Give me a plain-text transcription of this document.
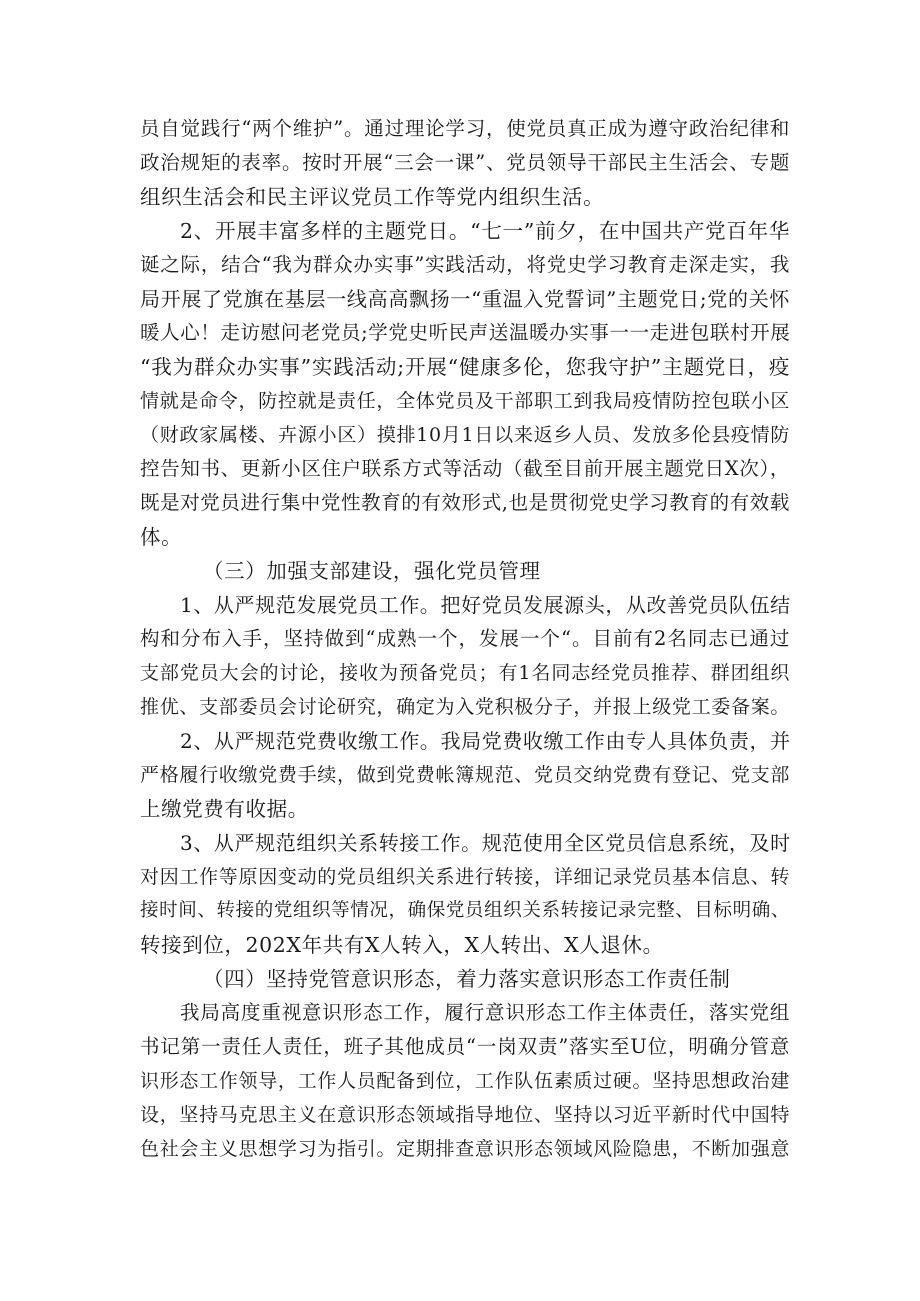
员自觉践行“两个维护”。通过理论学习，使党员真正成为遵守政治纪律和
政治规矩的表率。按时开展“三会一课”、党员领导干部民主生活会、专题
组织生活会和民主评议党员工作等党内组织生活。
2、开展丰富多样的主题党日。“七一”前夕，在中国共产党百年华
诞之际，结合“我为群众办实事”实践活动，将党史学习教育走深走实，我
局开展了党旗在基层一线高高飘扬一“重温入党誓词”主题党日;党的关怀
暖人心！走访慰问老党员;学党史听民声送温暖办实事一一走进包联村开展
“我为群众办实事”实践活动;开展“健康多伦，您我守护”主题党日，疫
情就是命令，防控就是责任，全体党员及干部职工到我局疫情防控包联小区
（财政家属楼、卉源小区）摸排10月1日以来返乡人员、发放多伦县疫情防
控告知书、更新小区住户联系方式等活动（截至目前开展主题党日X次），
既是对党员进行集中党性教育的有效形式,也是贯彻党史学习教育的有效载
体。
（三）加强支部建设，强化党员管理
1、从严规范发展党员工作。把好党员发展源头，从改善党员队伍结
构和分布入手，坚持做到“成熟一个，发展一个“。目前有2名同志已通过
支部党员大会的讨论，接收为预备党员；有1名同志经党员推荐、群团组织
推优、支部委员会讨论研究，确定为入党积极分子，并报上级党工委备案。
2、从严规范党费收缴工作。我局党费收缴工作由专人具体负责，并
严格履行收缴党费手续，做到党费帐簿规范、党员交纳党费有登记、党支部
上缴党费有收据。
3、从严规范组织关系转接工作。规范使用全区党员信息系统，及时
对因工作等原因变动的党员组织关系进行转接，详细记录党员基本信息、转
接时间、转接的党组织等情况，确保党员组织关系转接记录完整、目标明确、
转接到位，202X年共有X人转入，X人转出、X人退休。
（四）坚持党管意识形态，着力落实意识形态工作责任制
我局高度重视意识形态工作，履行意识形态工作主体责任，落实党组
书记第一责任人责任，班子其他成员“一岗双责”落实至U位，明确分管意
识形态工作领导，工作人员配备到位，工作队伍素质过硬。坚持思想政治建
设，坚持马克思主义在意识形态领域指导地位、坚持以习近平新时代中国特
色社会主义思想学习为指引。定期排查意识形态领域风险隐患，不断加强意
